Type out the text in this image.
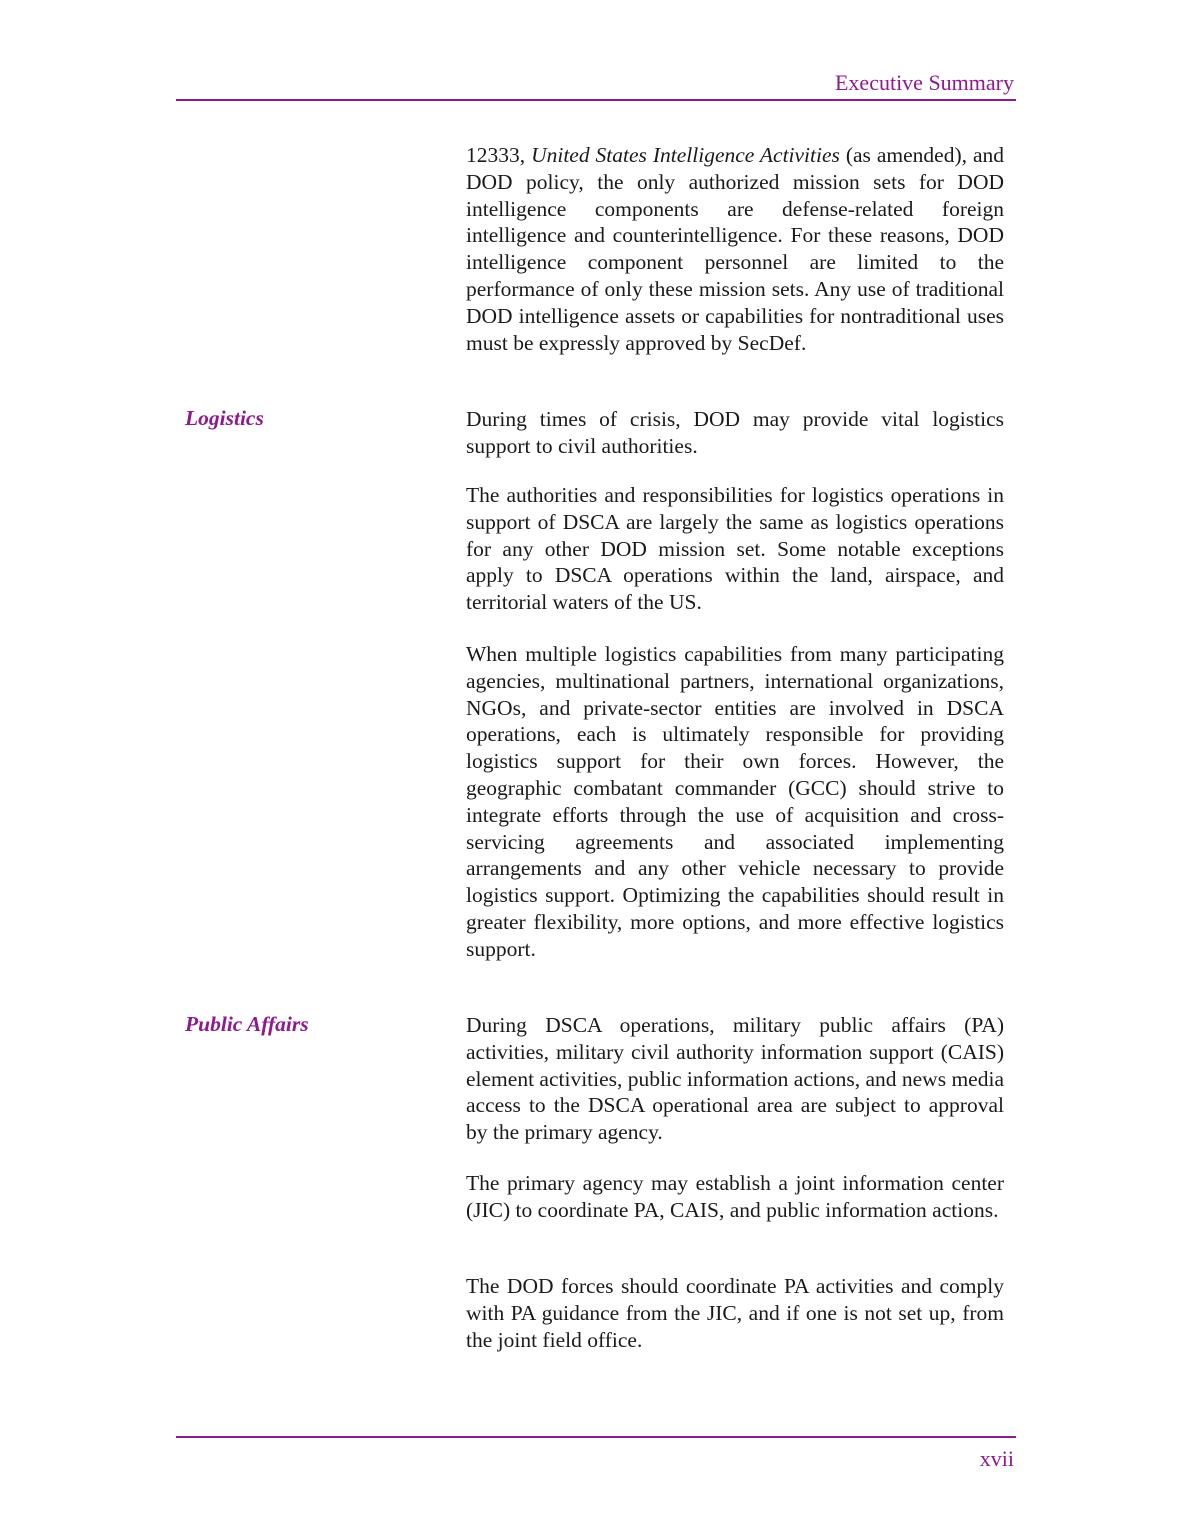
Executive Summary

12333, United States Intelligence Activities (as amended), and DOD policy, the only authorized mission sets for DOD intelligence components are defense-related foreign intelligence and counterintelligence. For these reasons, DOD intelligence component personnel are limited to the performance of only these mission sets. Any use of traditional DOD intelligence assets or capabilities for nontraditional uses must be expressly approved by SecDef.

Logistics	During times of crisis, DOD may provide vital logistics support to civil authorities.

The authorities and responsibilities for logistics operations in support of DSCA are largely the same as logistics operations for any other DOD mission set. Some notable exceptions apply to DSCA operations within the land, airspace, and territorial waters of the US.

When multiple logistics capabilities from many participating agencies, multinational partners, international organizations, NGOs, and private-sector entities are involved in DSCA operations, each is ultimately responsible for providing logistics support for their own forces. However, the geographic combatant commander (GCC) should strive to integrate efforts through the use of acquisition and cross-servicing agreements and associated implementing arrangements and any other vehicle necessary to provide logistics support. Optimizing the capabilities should result in greater flexibility, more options, and more effective logistics support.

Public Affairs	During DSCA operations, military public affairs (PA) activities, military civil authority information support (CAIS) element activities, public information actions, and news media access to the DSCA operational area are subject to approval by the primary agency.

The primary agency may establish a joint information center (JIC) to coordinate PA, CAIS, and public information actions.

The DOD forces should coordinate PA activities and comply with PA guidance from the JIC, and if one is not set up, from the joint field office.

xvii
